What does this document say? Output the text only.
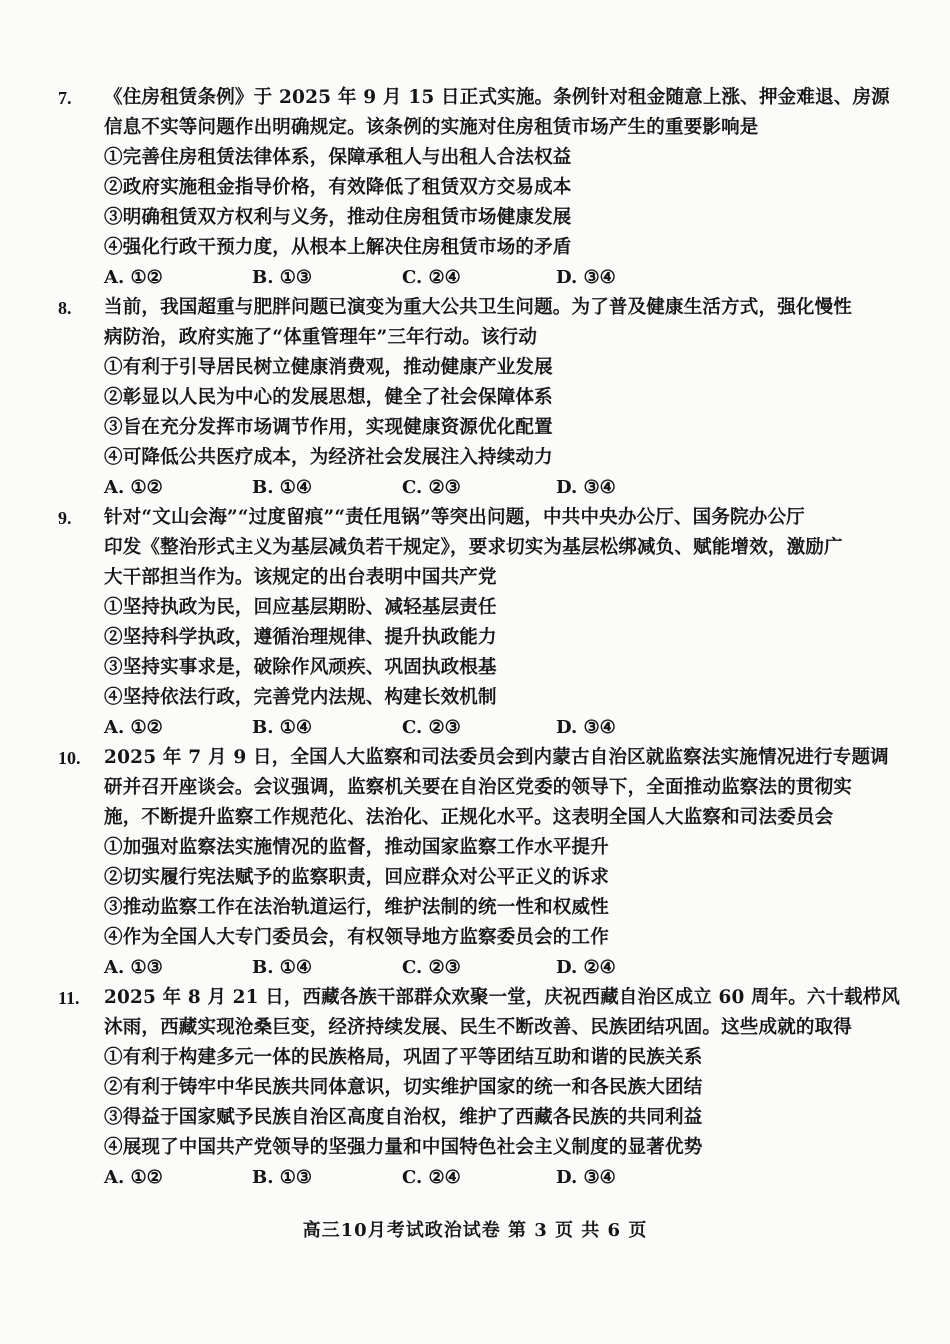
7. 《住房租赁条例》于 2025 年 9 月 15 日正式实施。条例针对租金随意上涨、押金难退、房源
信息不实等问题作出明确规定。该条例的实施对住房租赁市场产生的重要影响是
①完善住房租赁法律体系，保障承租人与出租人合法权益
②政府实施租金指导价格，有效降低了租赁双方交易成本
③明确租赁双方权利与义务，推动住房租赁市场健康发展
④强化行政干预力度，从根本上解决住房租赁市场的矛盾
A. ①②	B. ①③	C. ②④	D. ③④
8. 当前，我国超重与肥胖问题已演变为重大公共卫生问题。为了普及健康生活方式，强化慢性
病防治，政府实施了“体重管理年”三年行动。该行动
①有利于引导居民树立健康消费观，推动健康产业发展
②彰显以人民为中心的发展思想，健全了社会保障体系
③旨在充分发挥市场调节作用，实现健康资源优化配置
④可降低公共医疗成本，为经济社会发展注入持续动力
A. ①②	B. ①④	C. ②③	D. ③④
9. 针对“文山会海”“过度留痕”“责任甩锅”等突出问题，中共中央办公厅、国务院办公厅
印发《整治形式主义为基层减负若干规定》，要求切实为基层松绑减负、赋能增效，激励广
大干部担当作为。该规定的出台表明中国共产党
①坚持执政为民，回应基层期盼、减轻基层责任
②坚持科学执政，遵循治理规律、提升执政能力
③坚持实事求是，破除作风顽疾、巩固执政根基
④坚持依法行政，完善党内法规、构建长效机制
A. ①②	B. ①④	C. ②③	D. ③④
10. 2025 年 7 月 9 日，全国人大监察和司法委员会到内蒙古自治区就监察法实施情况进行专题调
研并召开座谈会。会议强调，监察机关要在自治区党委的领导下，全面推动监察法的贯彻实
施，不断提升监察工作规范化、法治化、正规化水平。这表明全国人大监察和司法委员会
①加强对监察法实施情况的监督，推动国家监察工作水平提升
②切实履行宪法赋予的监察职责，回应群众对公平正义的诉求
③推动监察工作在法治轨道运行，维护法制的统一性和权威性
④作为全国人大专门委员会，有权领导地方监察委员会的工作
A. ①③	B. ①④	C. ②③	D. ②④
11. 2025 年 8 月 21 日，西藏各族干部群众欢聚一堂，庆祝西藏自治区成立 60 周年。六十载栉风
沐雨，西藏实现沧桑巨变，经济持续发展、民生不断改善、民族团结巩固。这些成就的取得
①有利于构建多元一体的民族格局，巩固了平等团结互助和谐的民族关系
②有利于铸牢中华民族共同体意识，切实维护国家的统一和各民族大团结
③得益于国家赋予民族自治区高度自治权，维护了西藏各民族的共同利益
④展现了中国共产党领导的坚强力量和中国特色社会主义制度的显著优势
A. ①②	B. ①③	C. ②④	D. ③④
高三10月考试政治试卷 第 3 页 共 6 页
